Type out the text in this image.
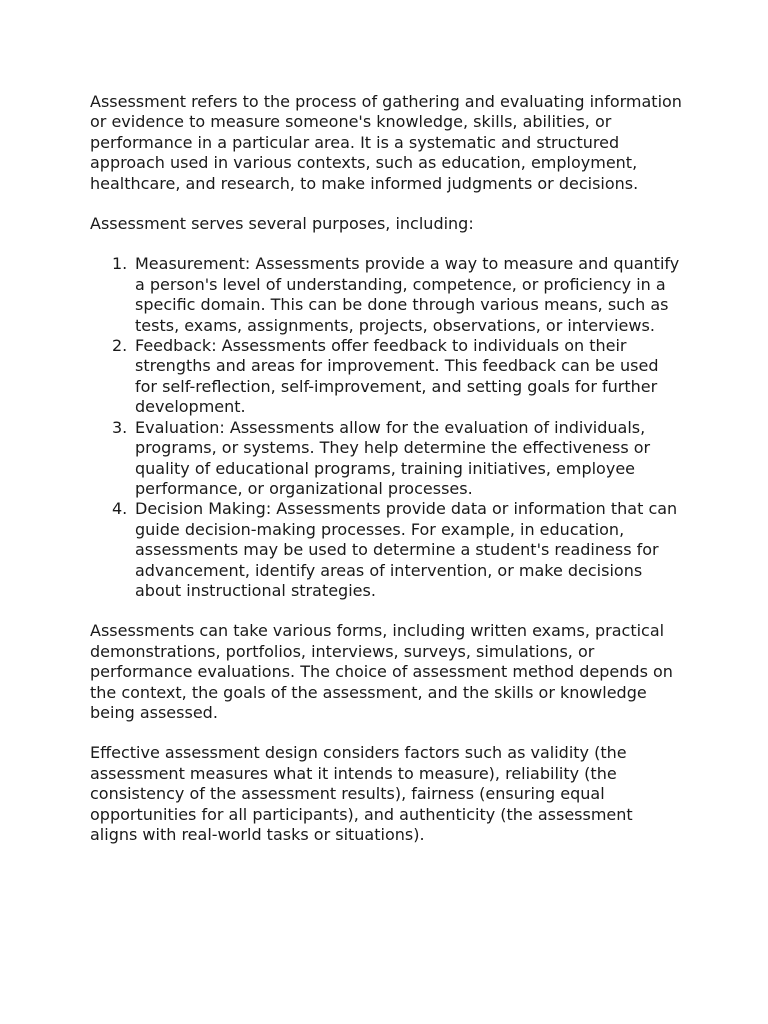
Assessment refers to the process of gathering and evaluating information or evidence to measure someone's knowledge, skills, abilities, or performance in a particular area. It is a systematic and structured approach used in various contexts, such as education, employment, healthcare, and research, to make informed judgments or decisions.

Assessment serves several purposes, including:

1. Measurement: Assessments provide a way to measure and quantify a person's level of understanding, competence, or proficiency in a specific domain. This can be done through various means, such as tests, exams, assignments, projects, observations, or interviews.
2. Feedback: Assessments offer feedback to individuals on their strengths and areas for improvement. This feedback can be used for self-reflection, self-improvement, and setting goals for further development.
3. Evaluation: Assessments allow for the evaluation of individuals, programs, or systems. They help determine the effectiveness or quality of educational programs, training initiatives, employee performance, or organizational processes.
4. Decision Making: Assessments provide data or information that can guide decision-making processes. For example, in education, assessments may be used to determine a student's readiness for advancement, identify areas of intervention, or make decisions about instructional strategies.

Assessments can take various forms, including written exams, practical demonstrations, portfolios, interviews, surveys, simulations, or performance evaluations. The choice of assessment method depends on the context, the goals of the assessment, and the skills or knowledge being assessed.

Effective assessment design considers factors such as validity (the assessment measures what it intends to measure), reliability (the consistency of the assessment results), fairness (ensuring equal opportunities for all participants), and authenticity (the assessment aligns with real-world tasks or situations).
